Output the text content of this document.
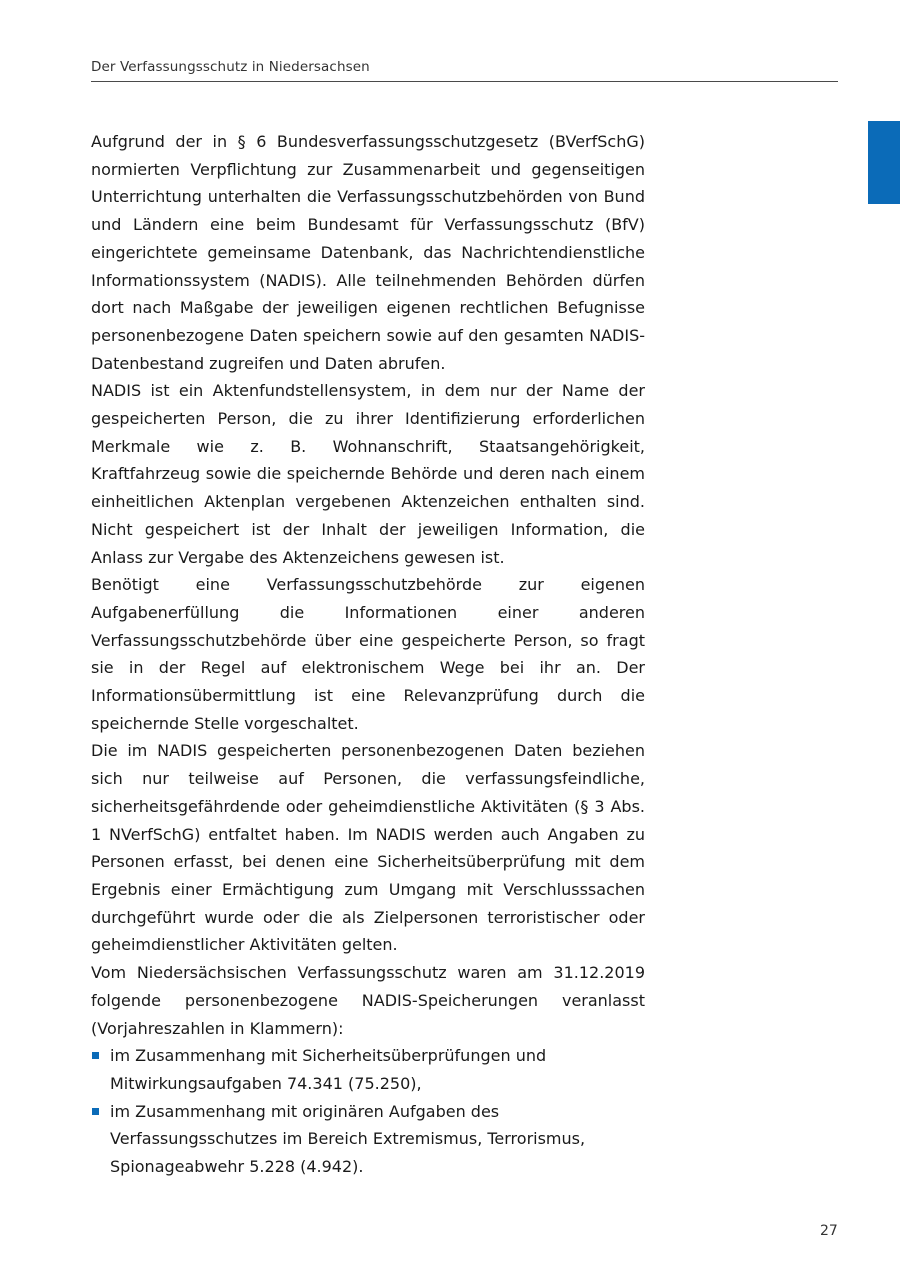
Der Verfassungsschutz in Niedersachsen

Aufgrund der in § 6 Bundesverfassungsschutzgesetz (BVerfSchG) normierten Verpflichtung zur Zusammenarbeit und gegenseitigen Unterrichtung unterhalten die Verfassungsschutzbehörden von Bund und Ländern eine beim Bundesamt für Verfassungsschutz (BfV) eingerichtete gemeinsame Datenbank, das Nachrichtendienstliche Informationssystem (NADIS). Alle teilnehmenden Behörden dürfen dort nach Maßgabe der jeweiligen eigenen rechtlichen Befugnisse personenbezogene Daten speichern sowie auf den gesamten NADIS-Datenbestand zugreifen und Daten abrufen.

NADIS ist ein Aktenfundstellensystem, in dem nur der Name der gespeicherten Person, die zu ihrer Identifizierung erforderlichen Merkmale wie z. B. Wohnanschrift, Staatsangehörigkeit, Kraftfahrzeug sowie die speichernde Behörde und deren nach einem einheitlichen Aktenplan vergebenen Aktenzeichen enthalten sind. Nicht gespeichert ist der Inhalt der jeweiligen Information, die Anlass zur Vergabe des Aktenzeichens gewesen ist.

Benötigt eine Verfassungsschutzbehörde zur eigenen Aufgabenerfüllung die Informationen einer anderen Verfassungsschutzbehörde über eine gespeicherte Person, so fragt sie in der Regel auf elektronischem Wege bei ihr an. Der Informationsübermittlung ist eine Relevanzprüfung durch die speichernde Stelle vorgeschaltet.

Die im NADIS gespeicherten personenbezogenen Daten beziehen sich nur teilweise auf Personen, die verfassungsfeindliche, sicherheitsgefährdende oder geheimdienstliche Aktivitäten (§ 3 Abs. 1 NVerfSchG) entfaltet haben. Im NADIS werden auch Angaben zu Personen erfasst, bei denen eine Sicherheitsüberprüfung mit dem Ergebnis einer Ermächtigung zum Umgang mit Verschlusssachen durchgeführt wurde oder die als Zielpersonen terroristischer oder geheimdienstlicher Aktivitäten gelten.

Vom Niedersächsischen Verfassungsschutz waren am 31.12.2019 folgende personenbezogene NADIS-Speicherungen veranlasst (Vorjahreszahlen in Klammern):

im Zusammenhang mit Sicherheitsüberprüfungen und Mitwirkungsaufgaben 74.341 (75.250),
im Zusammenhang mit originären Aufgaben des Verfassungsschutzes im Bereich Extremismus, Terrorismus, Spionageabwehr 5.228 (4.942).
27
